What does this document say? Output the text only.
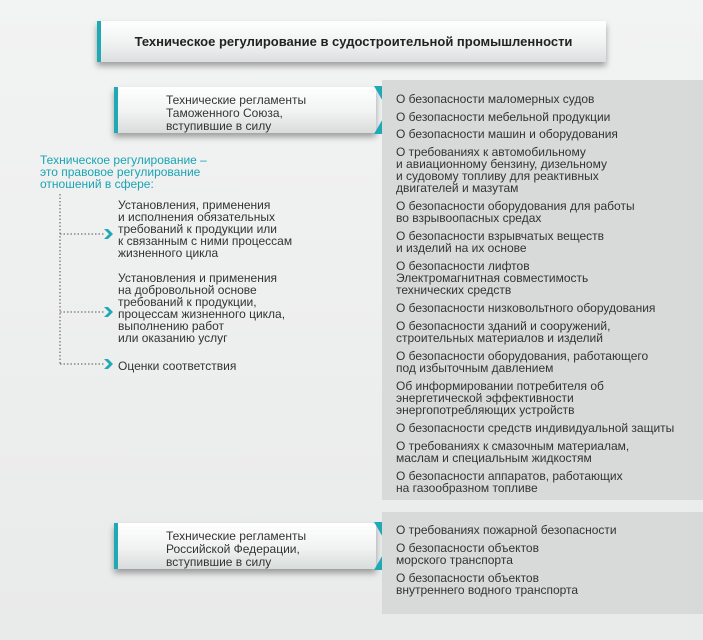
Техническое регулирование в судостроительной промышленности
Технические регламенты
Таможенного Союза,
вступившие в силу
О безопасности маломерных судов
О безопасности мебельной продукции
О безопасности машин и оборудования
О требованиях к автомобильному
и авиационному бензину, дизельному
и судовому топливу для реактивных
двигателей и мазутам
О безопасности оборудования для работы
во взрывоопасных средах
О безопасности взрывчатых веществ
и изделий на их основе
О безопасности лифтов
Электромагнитная совместимость
технических средств
О безопасности низковольтного оборудования
О безопасности зданий и сооружений,
строительных материалов и изделий
О безопасности оборудования, работающего
под избыточным давлением
Об информировании потребителя об
энергетической эффективности
энергопотребляющих устройств
О безопасности средств индивидуальной защиты
О требованиях к смазочным материалам,
маслам и специальным жидкостям
О безопасности аппаратов, работающих
на газообразном топливе
Техническое регулирование –
это правовое регулирование
отношений в сфере:
Установления, применения
и исполнения обязательных
требований к продукции или
к связанным с ними процессам
жизненного цикла
Установления и применения
на добровольной основе
требований к продукции,
процессам жизненного цикла,
выполнению работ
или оказанию услуг
Оценки соответствия
Технические регламенты
Российской Федерации,
вступившие в силу
О требованиях пожарной безопасности
О безопасности объектов
морского транспорта
О безопасности объектов
внутреннего водного транспорта
